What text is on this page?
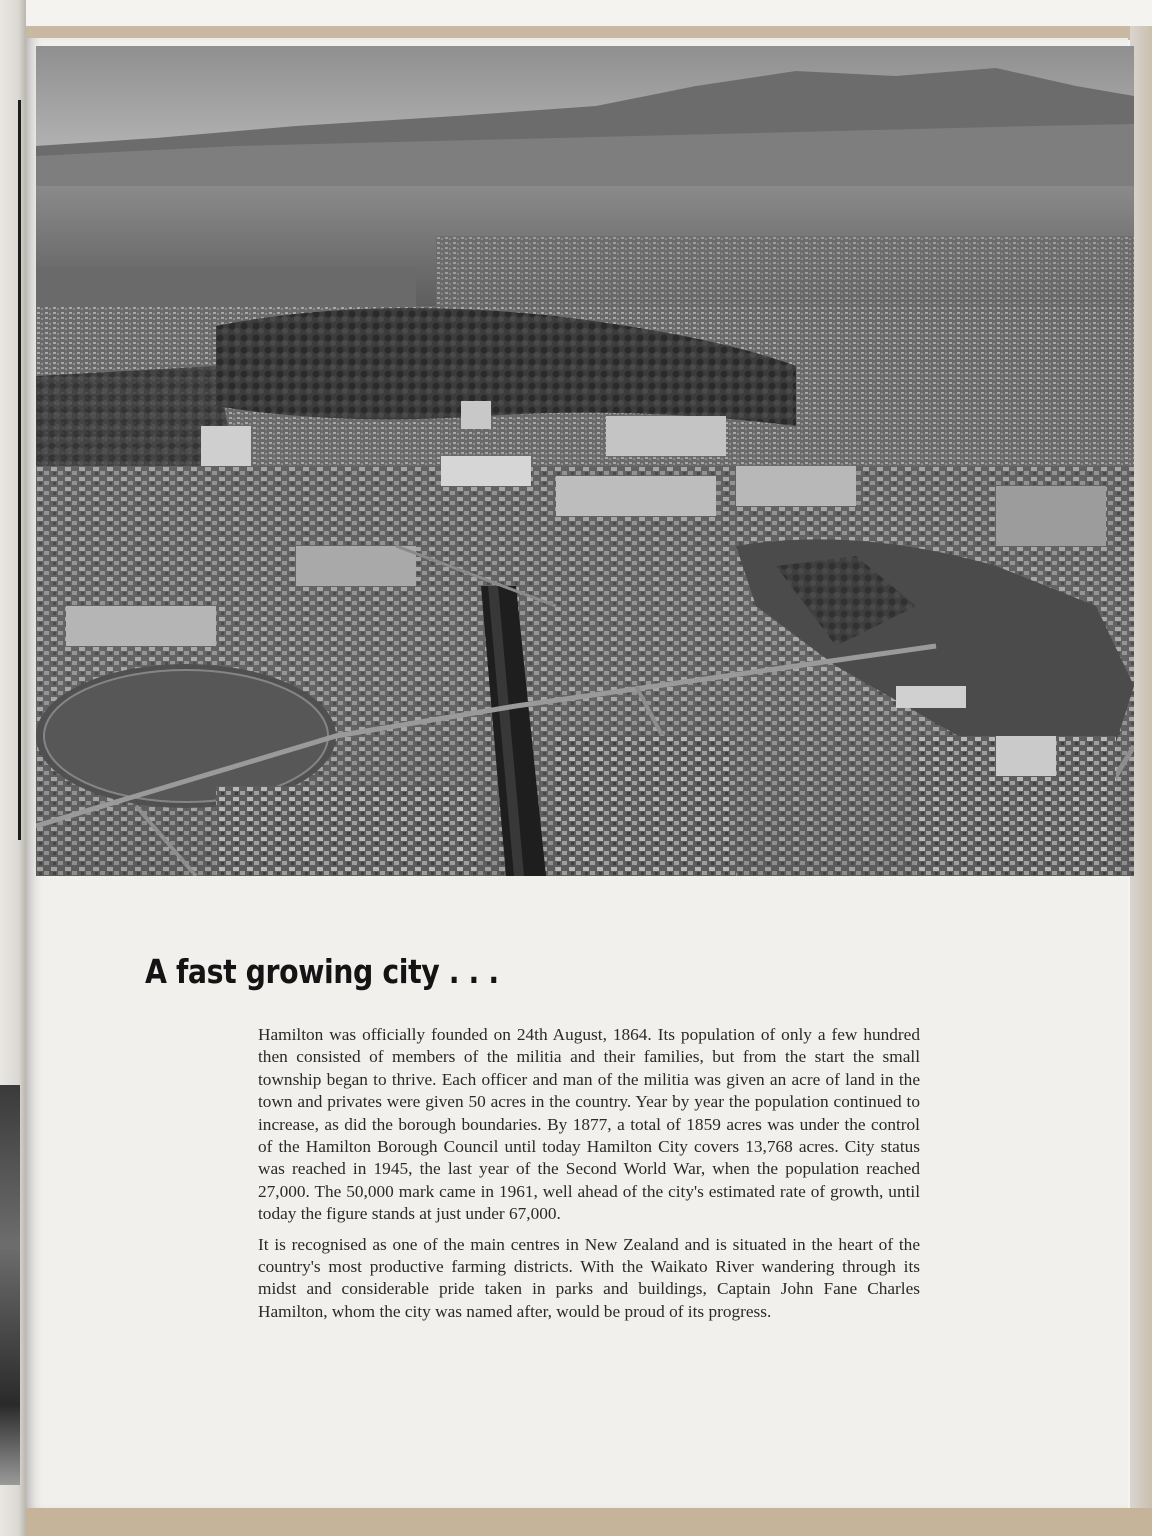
A fast growing city . . .

Hamilton was officially founded on 24th August, 1864. Its population of only a few hundred then consisted of members of the militia and their families, but from the start the small township began to thrive. Each officer and man of the militia was given an acre of land in the town and privates were given 50 acres in the country. Year by year the population continued to increase, as did the borough boundaries. By 1877, a total of 1859 acres was under the control of the Hamilton Borough Council until today Hamilton City covers 13,768 acres. City status was reached in 1945, the last year of the Second World War, when the population reached 27,000. The 50,000 mark came in 1961, well ahead of the city's estimated rate of growth, until today the figure stands at just under 67,000.

It is recognised as one of the main centres in New Zealand and is situated in the heart of the country's most productive farming districts. With the Waikato River wandering through its midst and considerable pride taken in parks and buildings, Captain John Fane Charles Hamilton, whom the city was named after, would be proud of its progress.
